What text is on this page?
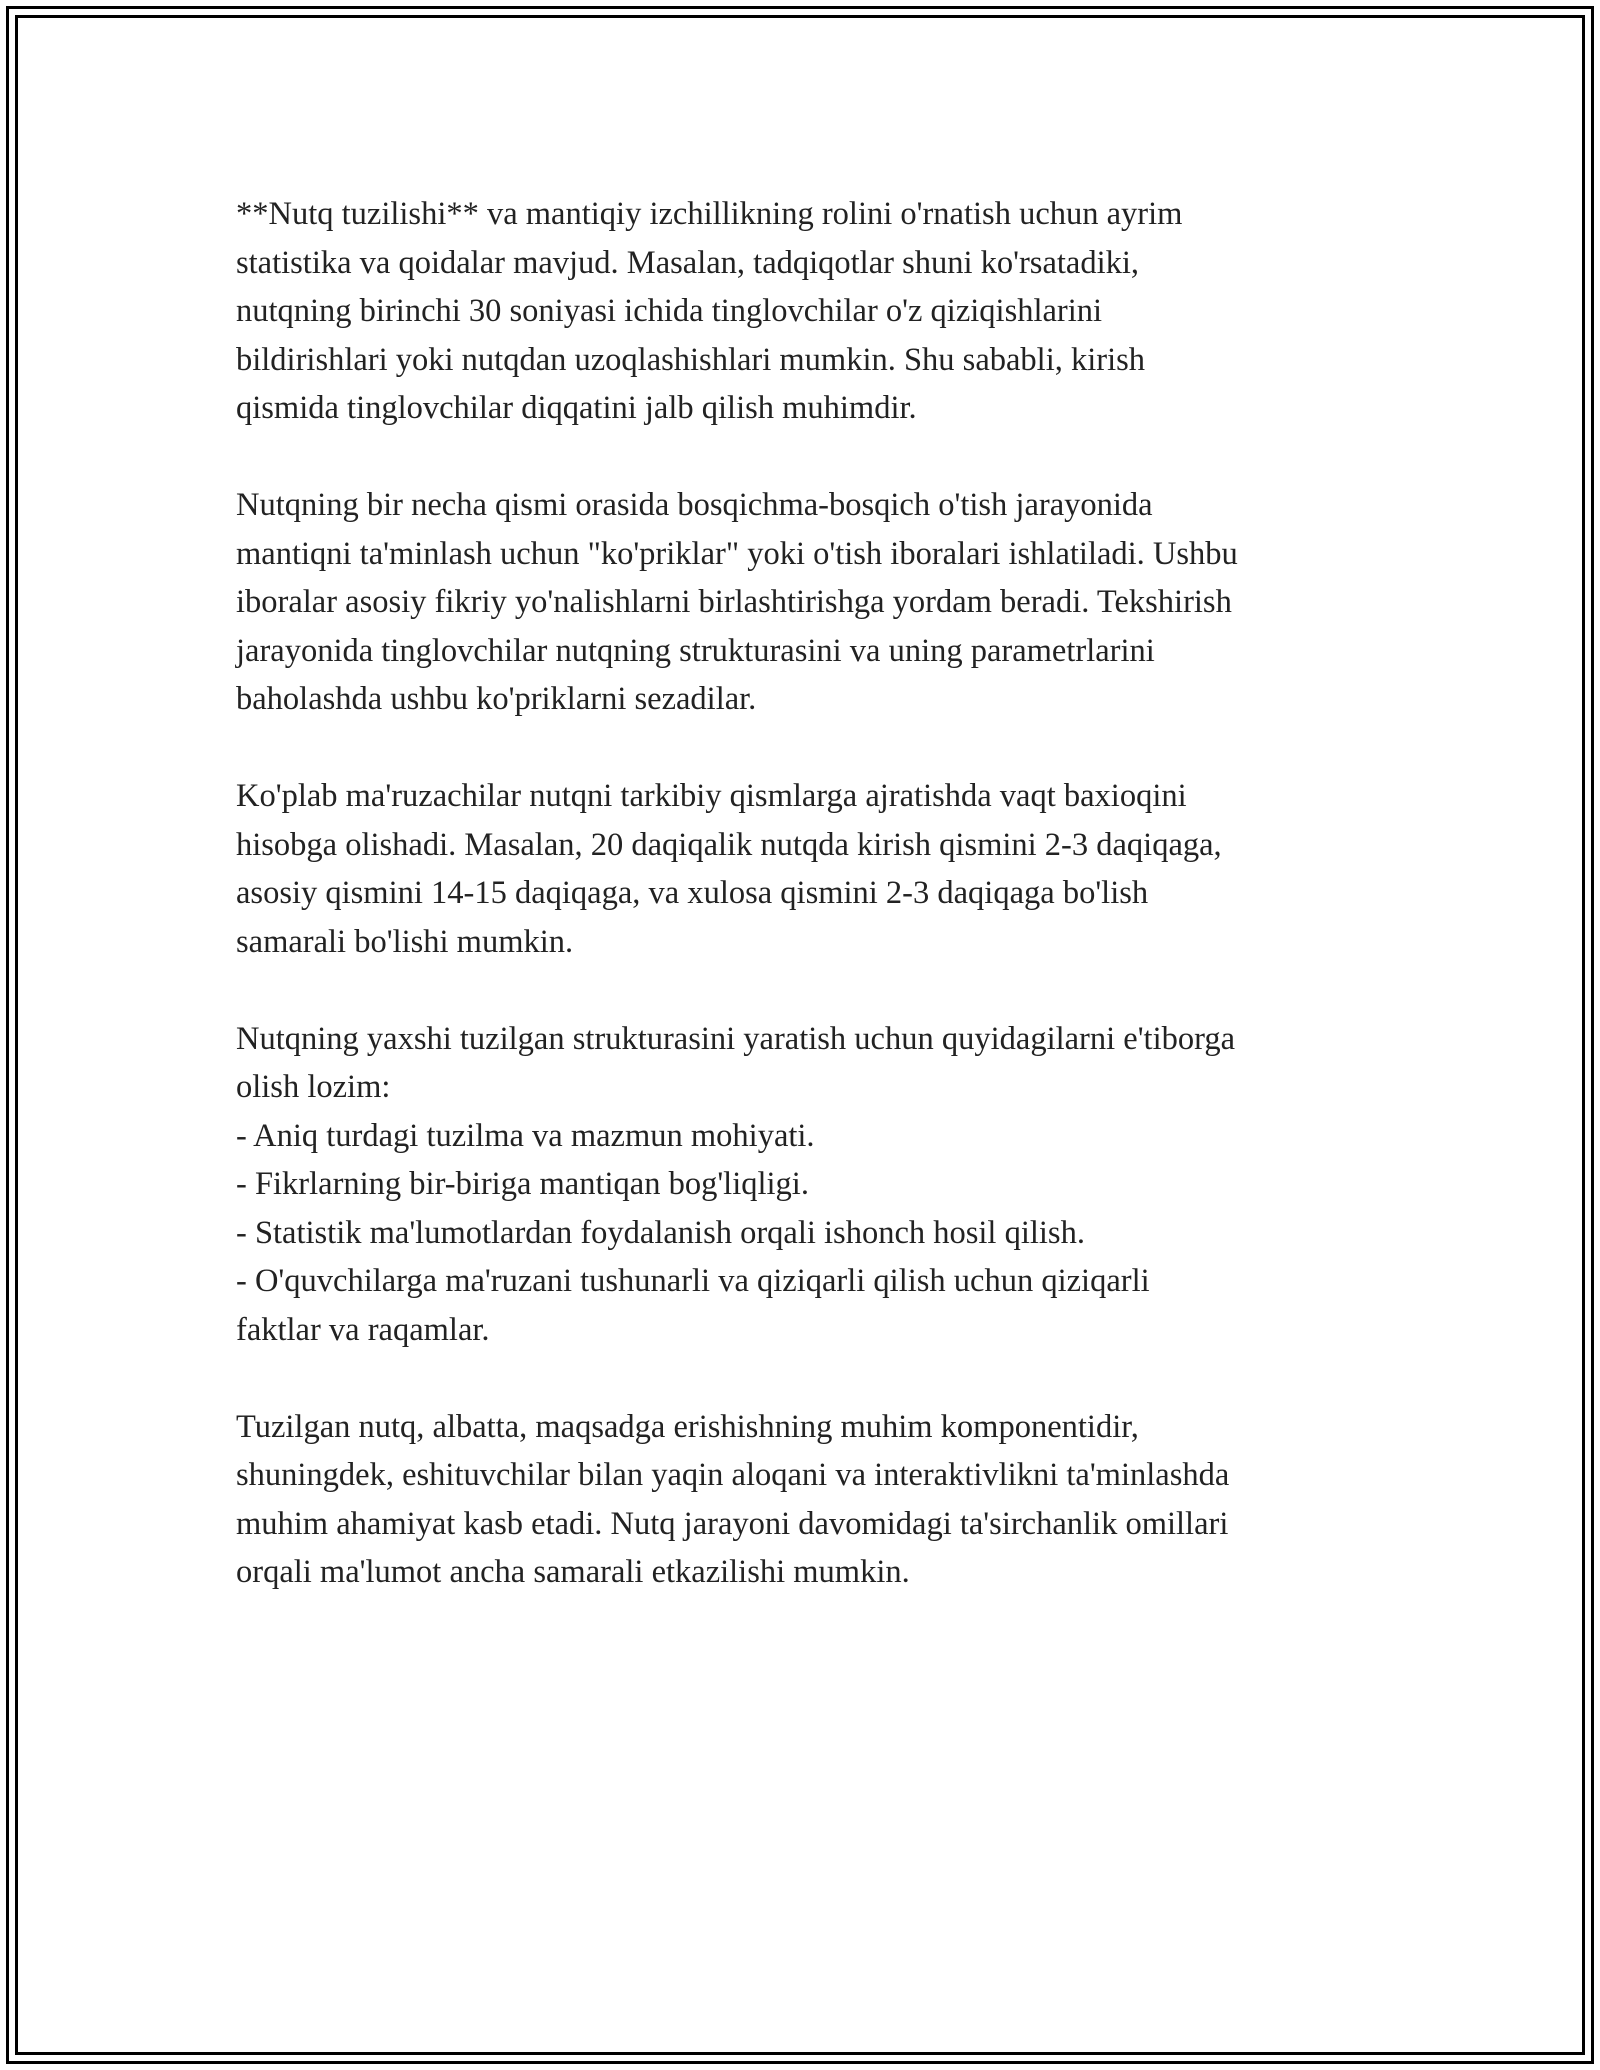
**Nutq tuzilishi** va mantiqiy izchillikning rolini o'rnatish uchun ayrim
statistika va qoidalar mavjud. Masalan, tadqiqotlar shuni ko'rsatadiki,
nutqning birinchi 30 soniyasi ichida tinglovchilar o'z qiziqishlarini
bildirishlari yoki nutqdan uzoqlashishlari mumkin. Shu sababli, kirish
qismida tinglovchilar diqqatini jalb qilish muhimdir.

Nutqning bir necha qismi orasida bosqichma-bosqich o'tish jarayonida
mantiqni ta'minlash uchun "ko'priklar" yoki o'tish iboralari ishlatiladi. Ushbu
iboralar asosiy fikriy yo'nalishlarni birlashtirishga yordam beradi. Tekshirish
jarayonida tinglovchilar nutqning strukturasini va uning parametrlarini
baholashda ushbu ko'priklarni sezadilar.

Ko'plab ma'ruzachilar nutqni tarkibiy qismlarga ajratishda vaqt baxioqini
hisobga olishadi. Masalan, 20 daqiqalik nutqda kirish qismini 2-3 daqiqaga,
asosiy qismini 14-15 daqiqaga, va xulosa qismini 2-3 daqiqaga bo'lish
samarali bo'lishi mumkin.

Nutqning yaxshi tuzilgan strukturasini yaratish uchun quyidagilarni e'tiborga
olish lozim:
- Aniq turdagi tuzilma va mazmun mohiyati.
- Fikrlarning bir-biriga mantiqan bog'liqligi.
- Statistik ma'lumotlardan foydalanish orqali ishonch hosil qilish.
- O'quvchilarga ma'ruzani tushunarli va qiziqarli qilish uchun qiziqarli
faktlar va raqamlar.

Tuzilgan nutq, albatta, maqsadga erishishning muhim komponentidir,
shuningdek, eshituvchilar bilan yaqin aloqani va interaktivlikni ta'minlashda
muhim ahamiyat kasb etadi. Nutq jarayoni davomidagi ta'sirchanlik omillari
orqali ma'lumot ancha samarali etkazilishi mumkin.
